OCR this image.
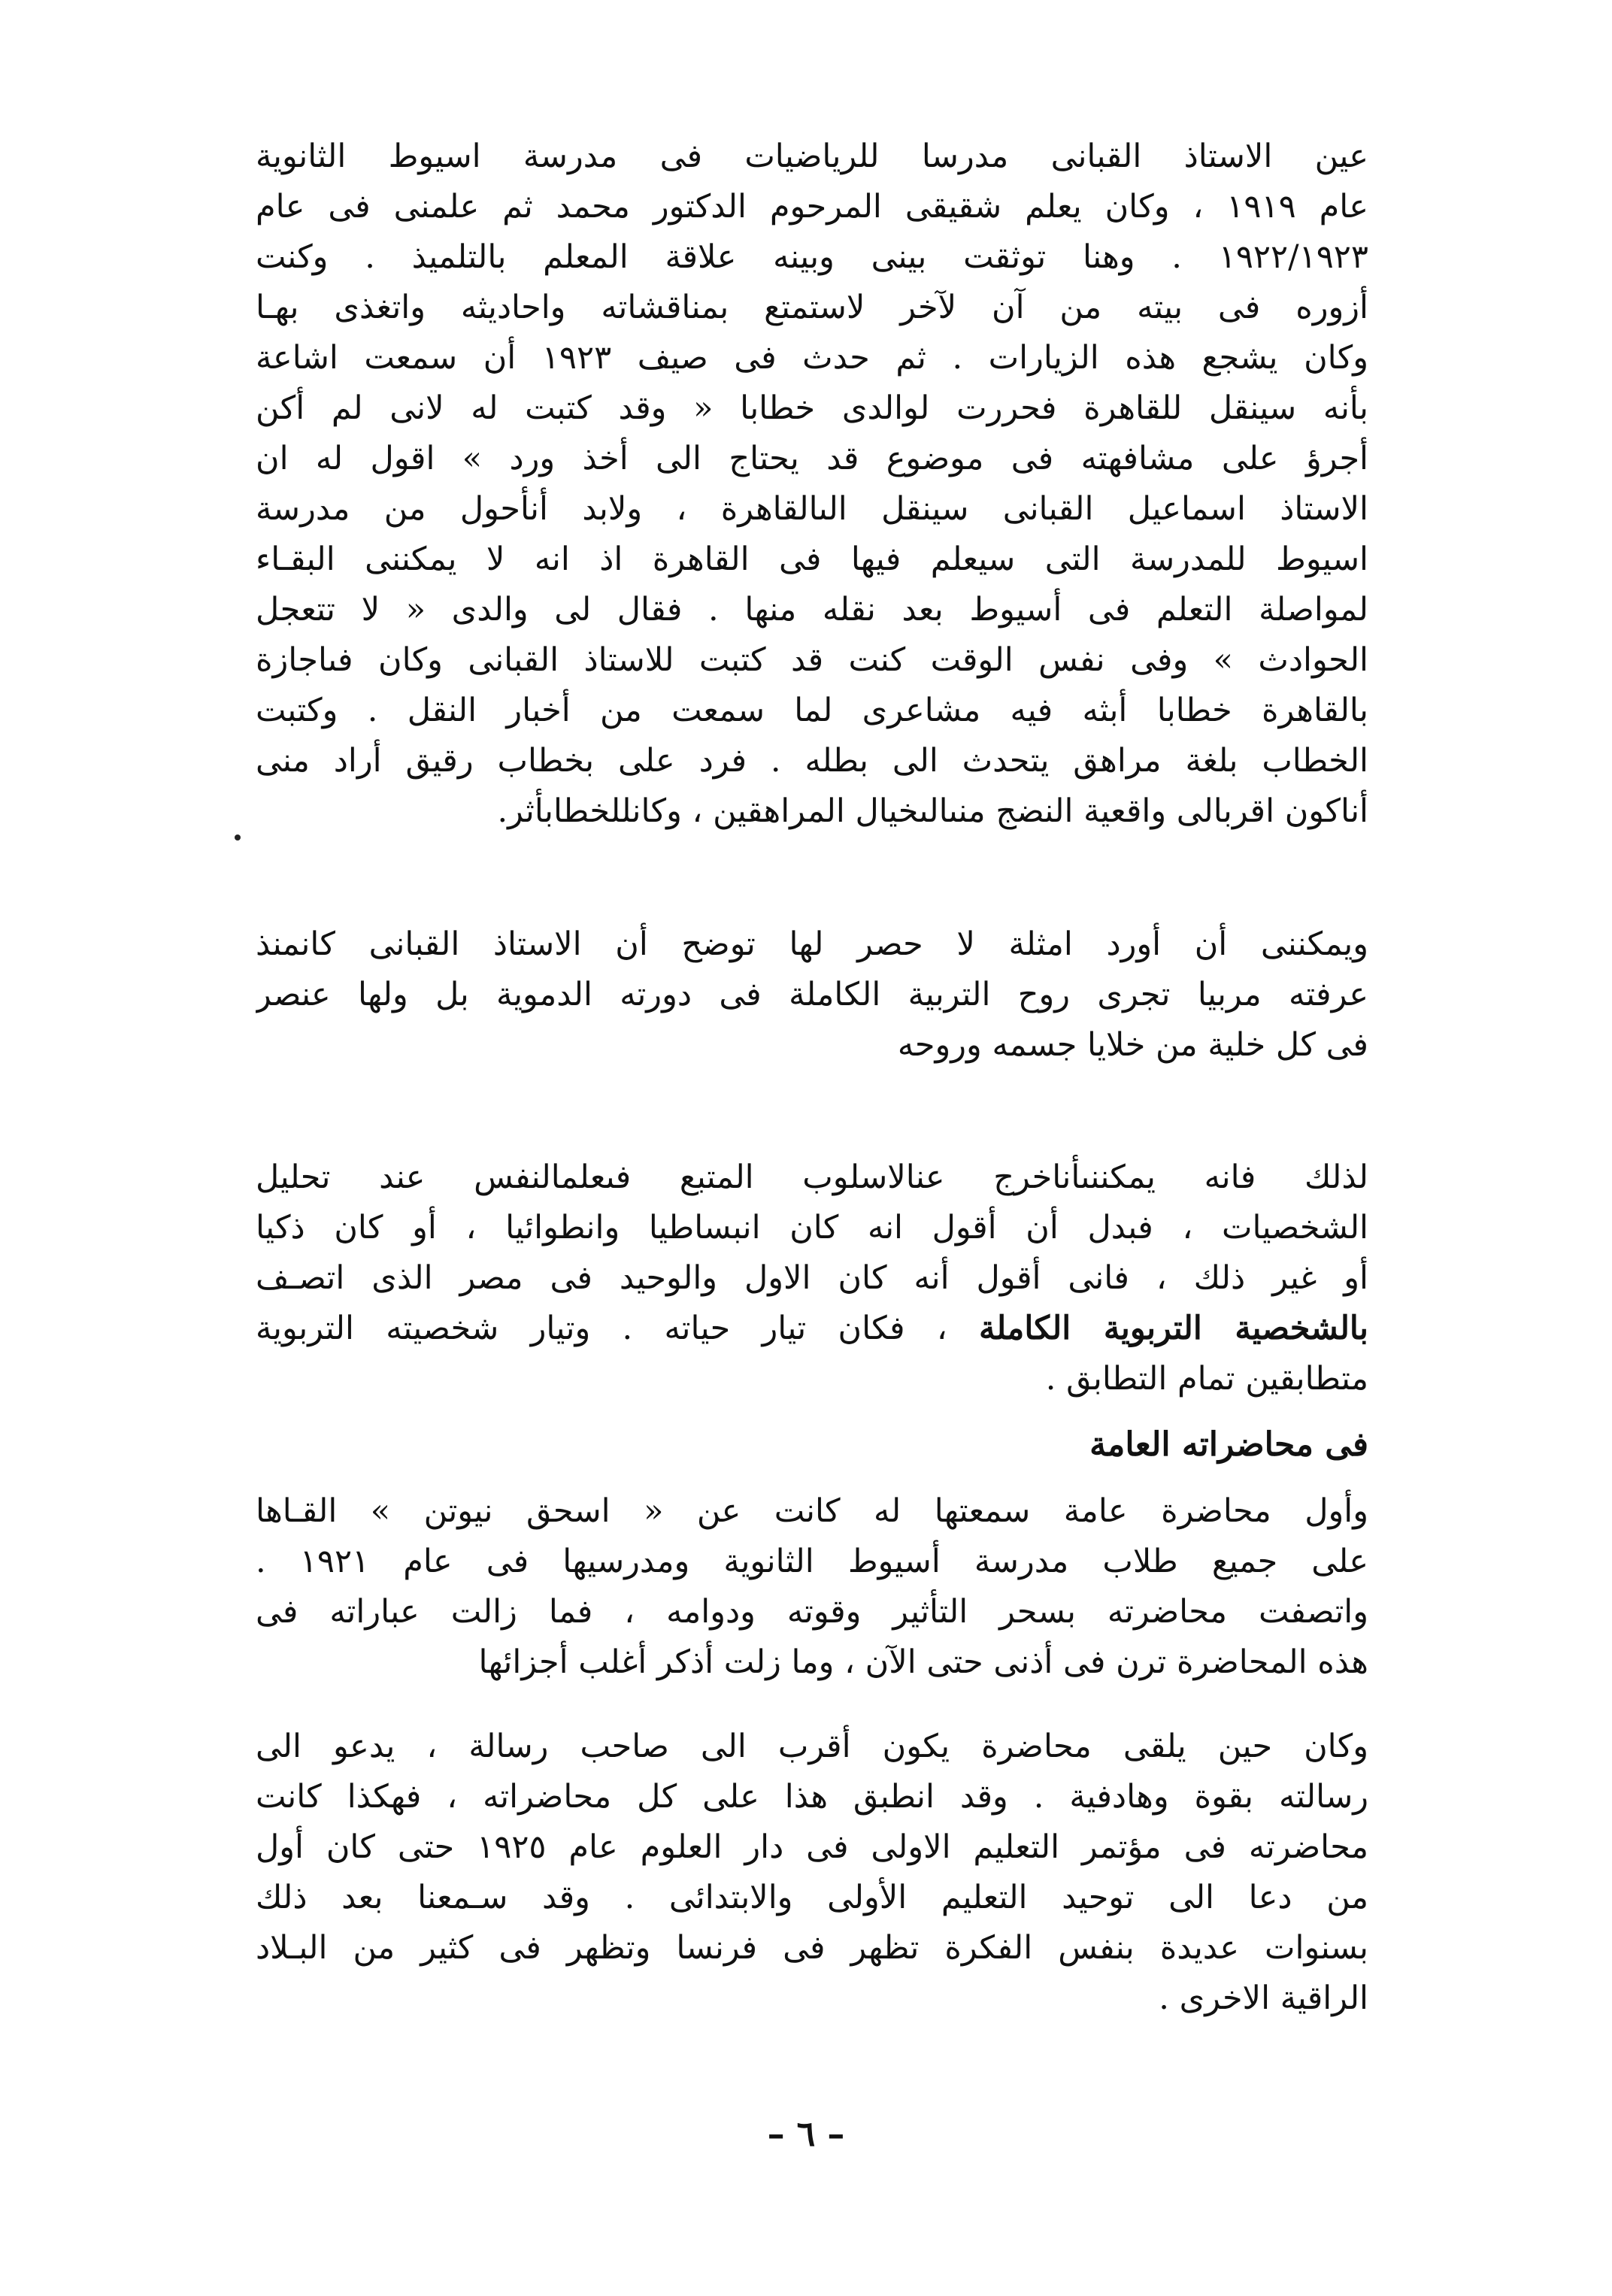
عين الاستاذ القبانى مدرسا للرياضيات فى مدرسة اسيوط الثانوية
عام ١٩١٩ ، وكان يعلم شقيقى المرحوم الدكتور محمد ثم علمنى فى عام
١٩٢٢/١٩٢٣ . وهنا توثقت بينى وبينه علاقة المعلم بالتلميذ . وكنت
أزوره فى بيته من آن لآخر لاستمتع بمناقشاته واحاديثه واتغذى بهـا
وكان يشجع هذه الزيارات . ثم حدث فى صيف ١٩٢٣ أن سمعت اشاعة
بأنه سينقل للقاهرة فحررت لوالدى خطابا « وقد كتبت له لانى لم أكن
أجرؤ على مشافهته فى موضوع قد يحتاج الى أخذ ورد » اقول له ان
الاستاذ اسماعيل القبانى سينقل الىالقاهرة ، ولابد أنأحول من مدرسة
اسيوط للمدرسة التى سيعلم فيها فى القاهرة اذ انه لا يمكننى البقـاء
لمواصلة التعلم فى أسيوط بعد نقله منها . فقال لى والدى « لا تتعجل
الحوادث » وفى نفس الوقت كنت قد كتبت للاستاذ القبانى وكان فىاجازة
بالقاهرة خطابا أبثه فيه مشاعرى لما سمعت من أخبار النقل . وكتبت
الخطاب بلغة مراهق يتحدث الى بطله . فرد على بخطاب رقيق أراد منى
أناكون اقربالى واقعية النضج منىالىخيال المراهقين ، وكانللخطابأثر.
ويمكننى أن أورد امثلة لا حصر لها توضح أن الاستاذ القبانى كانمنذ
عرفته مربيا تجرى روح التربية الكاملة فى دورته الدموية بل ولها عنصر
فى كل خلية من خلايا جسمه وروحه
لذلك فانه يمكننىأناخرج عنالاسلوب المتبع فىعلمالنفس عند تحليل
الشخصيات ، فبدل أن أقول انه كان انبساطيا وانطوائيا ، أو كان ذكيا
أو غير ذلك ، فانى أقول أنه كان الاول والوحيد فى مصر الذى اتصـف
بالشخصية التربوية الكاملة ، فكان تيار حياته . وتيار شخصيته التربوية
متطابقين تمام التطابق .
فى محاضراته العامة
وأول محاضرة عامة سمعتها له كانت عن « اسحق نيوتن » القـاها
على جميع طلاب مدرسة أسيوط الثانوية ومدرسيها فى عام ١٩٢١ .
واتصفت محاضرته بسحر التأثير وقوته ودوامه ، فما زالت عباراته فى
هذه المحاضرة ترن فى أذنى حتى الآن ، وما زلت أذكر أغلب أجزائها
وكان حين يلقى محاضرة يكون أقرب الى صاحب رسالة ، يدعو الى
رسالته بقوة وهادفية . وقد انطبق هذا على كل محاضراته ، فهكذا كانت
محاضرته فى مؤتمر التعليم الاولى فى دار العلوم عام ١٩٢٥ حتى كان أول
من دعا الى توحيد التعليم الأولى والابتدائى . وقد سـمعنا بعد ذلك
بسنوات عديدة بنفس الفكرة تظهر فى فرنسا وتظهر فى كثير من البـلاد
الراقية الاخرى .
– ٦ –
